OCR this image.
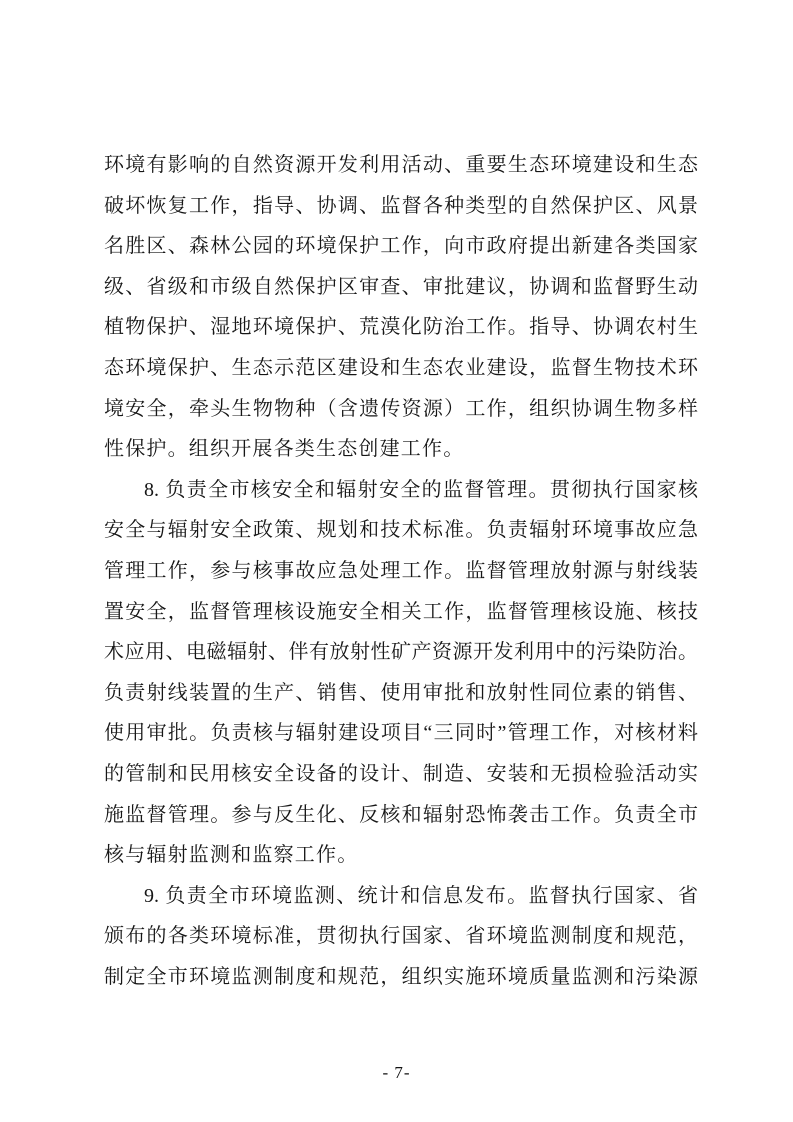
环境有影响的自然资源开发利用活动、重要生态环境建设和生态
破坏恢复工作，指导、协调、监督各种类型的自然保护区、风景
名胜区、森林公园的环境保护工作，向市政府提出新建各类国家
级、省级和市级自然保护区审查、审批建议，协调和监督野生动
植物保护、湿地环境保护、荒漠化防治工作。指导、协调农村生
态环境保护、生态示范区建设和生态农业建设，监督生物技术环
境安全，牵头生物物种（含遗传资源）工作，组织协调生物多样
性保护。组织开展各类生态创建工作。
8. 负责全市核安全和辐射安全的监督管理。贯彻执行国家核
安全与辐射安全政策、规划和技术标准。负责辐射环境事故应急
管理工作，参与核事故应急处理工作。监督管理放射源与射线装
置安全，监督管理核设施安全相关工作，监督管理核设施、核技
术应用、电磁辐射、伴有放射性矿产资源开发利用中的污染防治。
负责射线装置的生产、销售、使用审批和放射性同位素的销售、
使用审批。负责核与辐射建设项目“三同时”管理工作，对核材料
的管制和民用核安全设备的设计、制造、安装和无损检验活动实
施监督管理。参与反生化、反核和辐射恐怖袭击工作。负责全市
核与辐射监测和监察工作。
9. 负责全市环境监测、统计和信息发布。监督执行国家、省
颁布的各类环境标准，贯彻执行国家、省环境监测制度和规范，
制定全市环境监测制度和规范，组织实施环境质量监测和污染源
- 7-
